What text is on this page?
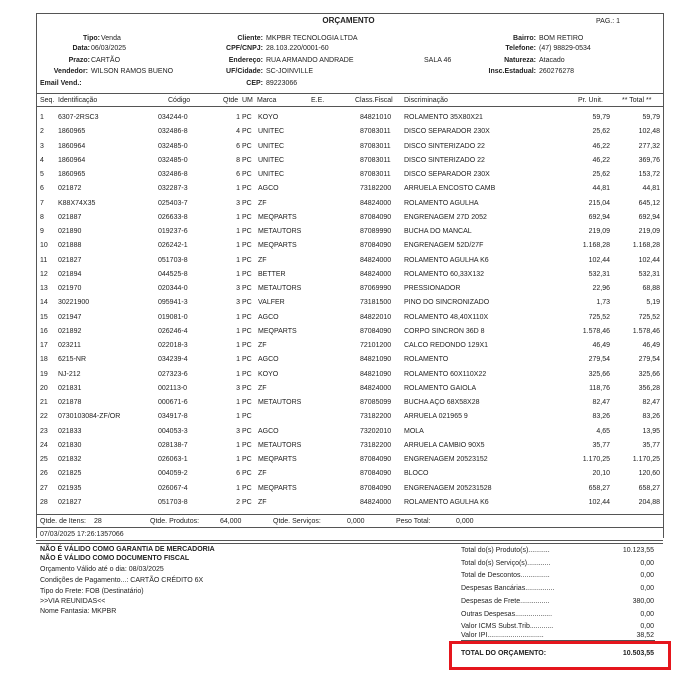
ORÇAMENTO	PAG.: 1
Tipo: Venda
Data: 06/03/2025
Prazo: CARTÃO
Vendedor: WILSON RAMOS BUENO
Email Vend.:
Cliente: MKPBR TECNOLOGIA LTDA
CPF/CNPJ: 28.103.220/0001-60
Endereço: RUA ARMANDO ANDRADE	SALA 46
UF/Cidade: SC-JOINVILLE
CEP: 89223066
Bairro: BOM RETIRO
Telefone: (47) 98829-0534
Natureza: Atacado
Insc.Estadual: 260276278
Seq. Identificação	Código	Qtde UM Marca	E.E.	Class.Fiscal Discriminação	Pr. Unit.	** Total **
1 6307-2RSC3	034244-0	1 PC KOYO	84821010 ROLAMENTO 35X80X21	59,79	59,79
2 1860965	032486-8	4 PC UNITEC	87083011 DISCO SEPARADOR 230X	25,62	102,48
3 1860964	032485-0	6 PC UNITEC	87083011 DISCO SINTERIZADO 22	46,22	277,32
4 1860964	032485-0	8 PC UNITEC	87083011 DISCO SINTERIZADO 22	46,22	369,76
5 1860965	032486-8	6 PC UNITEC	87083011 DISCO SEPARADOR 230X	25,62	153,72
6 021872	032287-3	1 PC AGCO	73182200 ARRUELA ENCOSTO CAMB	44,81	44,81
7 K88X74X35	025403-7	3 PC ZF	84824000 ROLAMENTO AGULHA	215,04	645,12
8 021887	026633-8	1 PC MEQPARTS	87084090 ENGRENAGEM 27D 2052	692,94	692,94
9 021890	019237-6	1 PC METAUTORS	87089990 BUCHA DO MANCAL	219,09	219,09
10 021888	026242-1	1 PC MEQPARTS	87084090 ENGRENAGEM 52D/27F	1.168,28	1.168,28
11 021827	051703-8	1 PC ZF	84824000 ROLAMENTO AGULHA K6	102,44	102,44
12 021894	044525-8	1 PC BETTER	84824000 ROLAMENTO 60,33X132	532,31	532,31
13 021970	020344-0	3 PC METAUTORS	87069990 PRESSIONADOR	22,96	68,88
14 30221900	095941-3	3 PC VALFER	73181500 PINO DO SINCRONIZADO	1,73	5,19
15 021947	019081-0	1 PC AGCO	84822010 ROLAMENTO 48,40X110X	725,52	725,52
16 021892	026246-4	1 PC MEQPARTS	87084090 CORPO SINCRON 36D 8	1.578,46	1.578,46
17 023211	022018-3	1 PC ZF	72101200 CALCO REDONDO 129X1	46,49	46,49
18 6215-NR	034239-4	1 PC AGCO	84821090 ROLAMENTO	279,54	279,54
19 NJ-212	027323-6	1 PC KOYO	84821090 ROLAMENTO 60X110X22	325,66	325,66
20 021831	002113-0	3 PC ZF	84824000 ROLAMENTO GAIOLA	118,76	356,28
21 021878	000671-6	1 PC METAUTORS	87085099 BUCHA AÇO 68X58X28	82,47	82,47
22 0730103084-ZF/OR	034917-8	1 PC	73182200 ARRUELA 021965 9	83,26	83,26
23 021833	004053-3	3 PC AGCO	73202010 MOLA	4,65	13,95
24 021830	028138-7	1 PC METAUTORS	73182200 ARRUELA CAMBIO 90X5	35,77	35,77
25 021832	026063-1	1 PC MEQPARTS	87084090 ENGRENAGEM 20523152	1.170,25	1.170,25
26 021825	004059-2	6 PC ZF	87084090 BLOCO	20,10	120,60
27 021935	026067-4	1 PC MEQPARTS	87084090 ENGRENAGEM 205231528	658,27	658,27
28 021827	051703-8	2 PC ZF	84824000 ROLAMENTO AGULHA K6	102,44	204,88
Qtde. de Itens: 28	Qtde. Produtos:	64,000	Qtde. Serviços:	0,000	Peso Total:	0,000
07/03/2025 17:26:1357066
NÃO É VÁLIDO COMO GARANTIA DE MERCADORIA
NÃO É VÁLIDO COMO DOCUMENTO FISCAL
Orçamento Válido até o dia: 08/03/2025
Condições de Pagamento...: CARTÃO CRÉDITO 6X
Tipo do Frete: FOB (Destinatário)
>>VIA REUNIDAS<<
Nome Fantasia: MKPBR
Total do(s) Produto(s)...........	10.123,55
Total do(s) Serviço(s)............	0,00
Total de Descontos...............	0,00
Despesas Bancárias...............	0,00
Despesas de Frete...............	380,00
Outras Despesas...................	0,00
Valor ICMS Subst.Trib............	0,00
Valor IPI.............................	38,52
TOTAL DO ORÇAMENTO:	10.503,55
